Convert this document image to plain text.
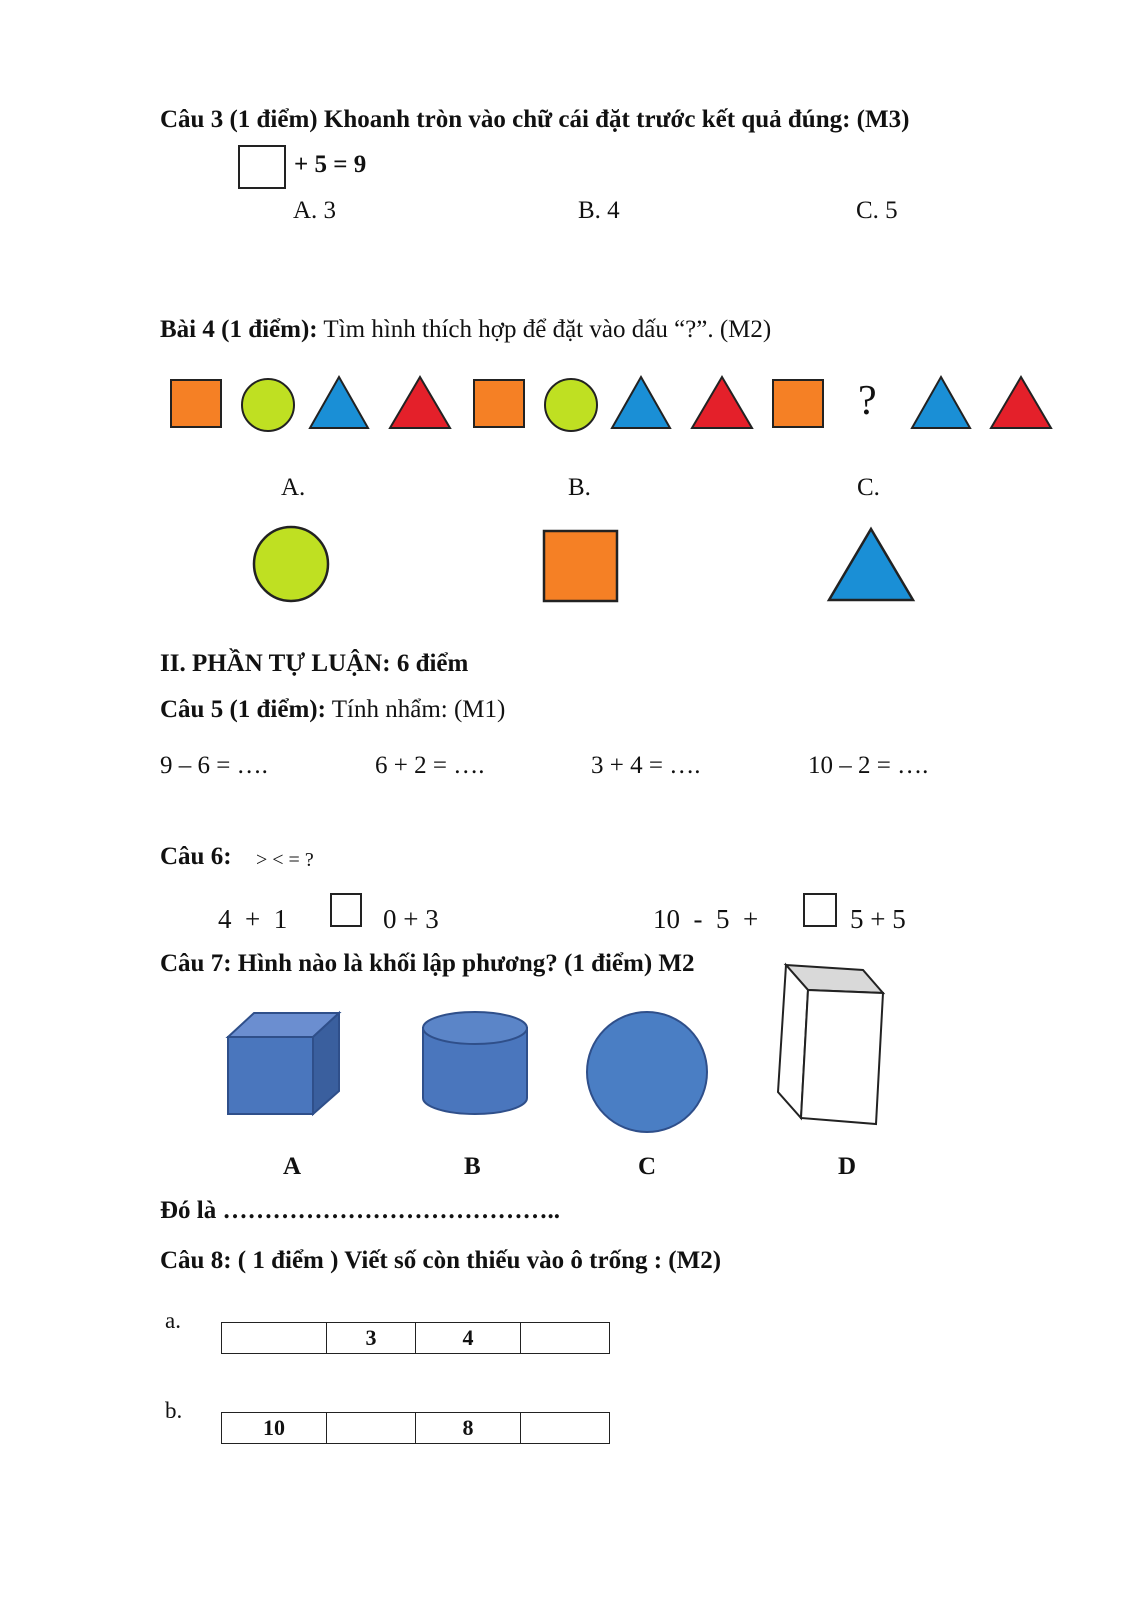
Câu 3 (1 điểm) Khoanh tròn vào chữ cái đặt trước kết quả đúng: (M3)
+ 5 = 9
A. 3	B. 4	C. 5
Bài 4 (1 điểm): Tìm hình thích hợp để đặt vào dấu “?”. (M2)
?
A.	B.	C.
II. PHẦN TỰ LUẬN: 6 điểm
Câu 5 (1 điểm): Tính nhẩm: (M1)
9 – 6 = ….	6 + 2 = ….	3 + 4 = ….	10 – 2 = ….
Câu 6: > < = ?
4  +  1	0 + 3	10  -  5  +	5 + 5
Câu 7: Hình nào là khối lập phương? (1 điểm) M2
A	B	C	D
Đó là …………………………………..
Câu 8: ( 1 điểm ) Viết số còn thiếu vào ô trống : (M2)
a.
	3	4	
b.
10		8	
